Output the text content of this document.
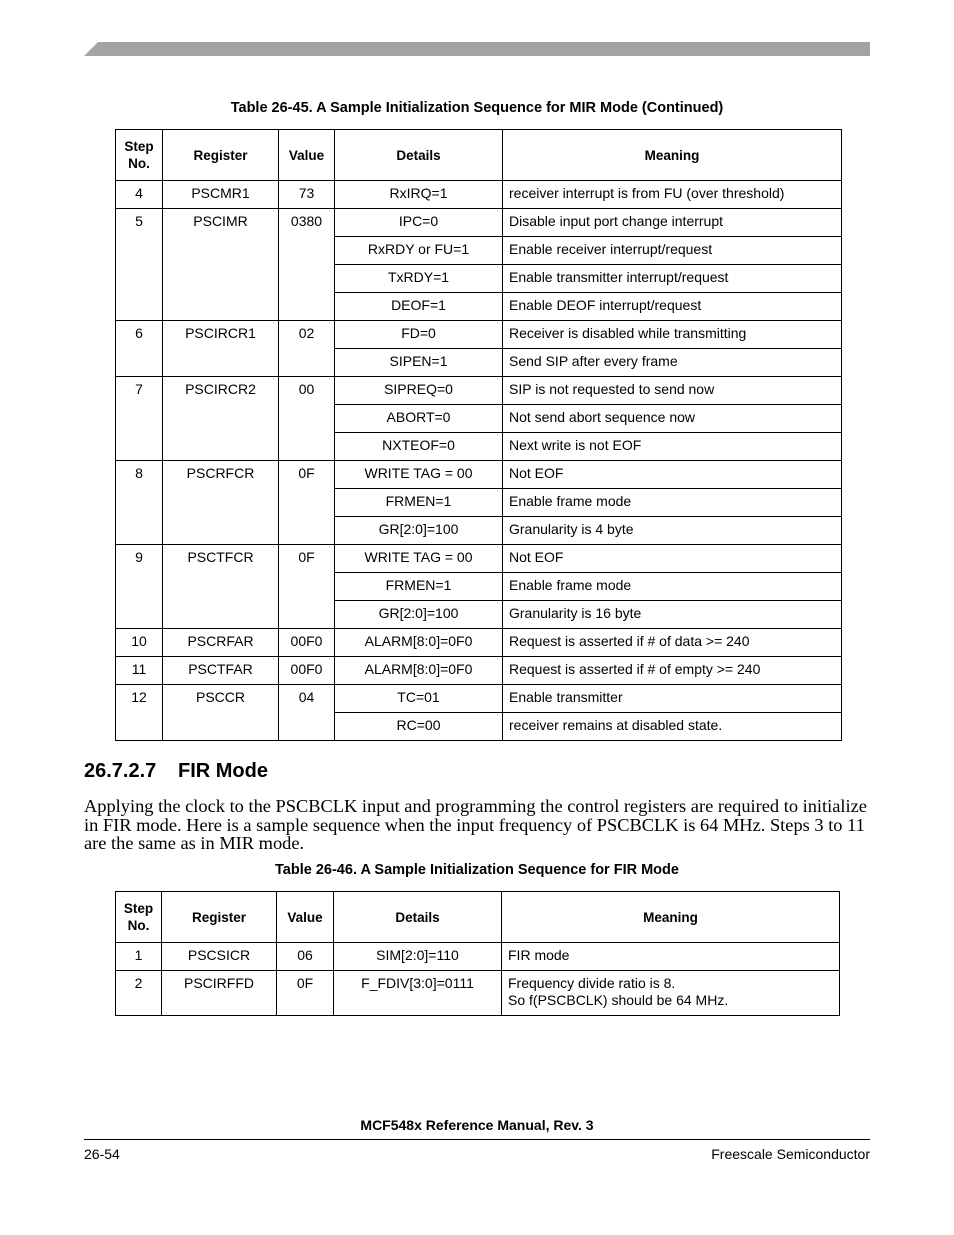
Table 26-45. A Sample Initialization Sequence for MIR Mode (Continued)
Step No.	Register	Value	Details	Meaning
4	PSCMR1	73	RxIRQ=1	receiver interrupt is from FU (over threshold)
5	PSCIMR	0380	IPC=0	Disable input port change interrupt
			RxRDY or FU=1	Enable receiver interrupt/request
			TxRDY=1	Enable transmitter interrupt/request
			DEOF=1	Enable DEOF interrupt/request
6	PSCIRCR1	02	FD=0	Receiver is disabled while transmitting
			SIPEN=1	Send SIP after every frame
7	PSCIRCR2	00	SIPREQ=0	SIP is not requested to send now
			ABORT=0	Not send abort sequence now
			NXTEOF=0	Next write is not EOF
8	PSCRFCR	0F	WRITE TAG = 00	Not EOF
			FRMEN=1	Enable frame mode
			GR[2:0]=100	Granularity is 4 byte
9	PSCTFCR	0F	WRITE TAG = 00	Not EOF
			FRMEN=1	Enable frame mode
			GR[2:0]=100	Granularity is 16 byte
10	PSCRFAR	00F0	ALARM[8:0]=0F0	Request is asserted if # of data >= 240
11	PSCTFAR	00F0	ALARM[8:0]=0F0	Request is asserted if # of empty >= 240
12	PSCCR	04	TC=01	Enable transmitter
			RC=00	receiver remains at disabled state.
26.7.2.7 FIR Mode

Applying the clock to the PSCBCLK input and programming the control registers are required to initialize in FIR mode. Here is a sample sequence when the input frequency of PSCBCLK is 64 MHz. Steps 3 to 11 are the same as in MIR mode.

Table 26-46. A Sample Initialization Sequence for FIR Mode
Step No.	Register	Value	Details	Meaning
1	PSCSICR	06	SIM[2:0]=110	FIR mode

2	PSCIRFFD	0F	F_FDIV[3:0]=0111	Frequency divide ratio is 8.
So f(PSCBCLK) should be 64 MHz.
MCF548x Reference Manual, Rev. 3
26-54	Freescale Semiconductor
